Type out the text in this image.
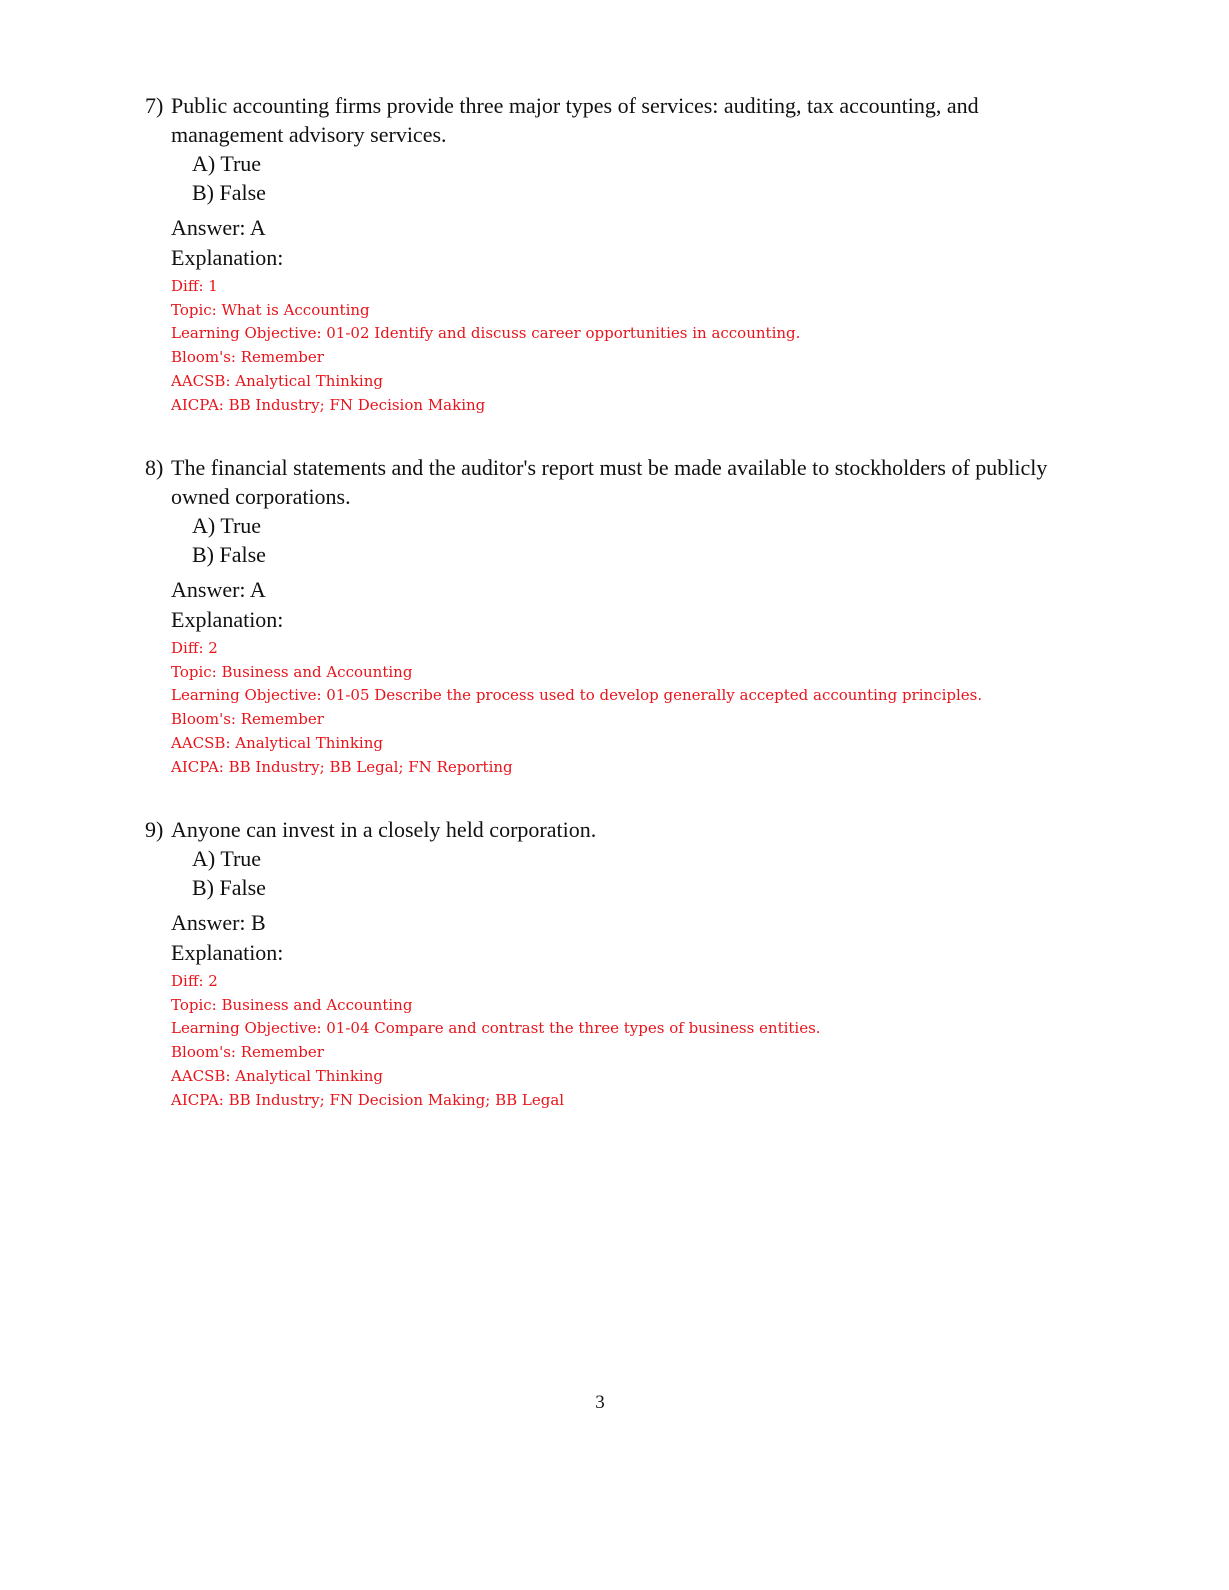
7) Public accounting firms provide three major types of services: auditing, tax accounting, and management advisory services.
A) True
B) False
Answer: A
Explanation:
Diff: 1
Topic: What is Accounting
Learning Objective: 01-02 Identify and discuss career opportunities in accounting.
Bloom's: Remember
AACSB: Analytical Thinking
AICPA: BB Industry; FN Decision Making
8) The financial statements and the auditor's report must be made available to stockholders of publicly owned corporations.
A) True
B) False
Answer: A
Explanation:
Diff: 2
Topic: Business and Accounting
Learning Objective: 01-05 Describe the process used to develop generally accepted accounting principles.
Bloom's: Remember
AACSB: Analytical Thinking
AICPA: BB Industry; BB Legal; FN Reporting
9) Anyone can invest in a closely held corporation.
A) True
B) False
Answer: B
Explanation:
Diff: 2
Topic: Business and Accounting
Learning Objective: 01-04 Compare and contrast the three types of business entities.
Bloom's: Remember
AACSB: Analytical Thinking
AICPA: BB Industry; FN Decision Making; BB Legal
3
